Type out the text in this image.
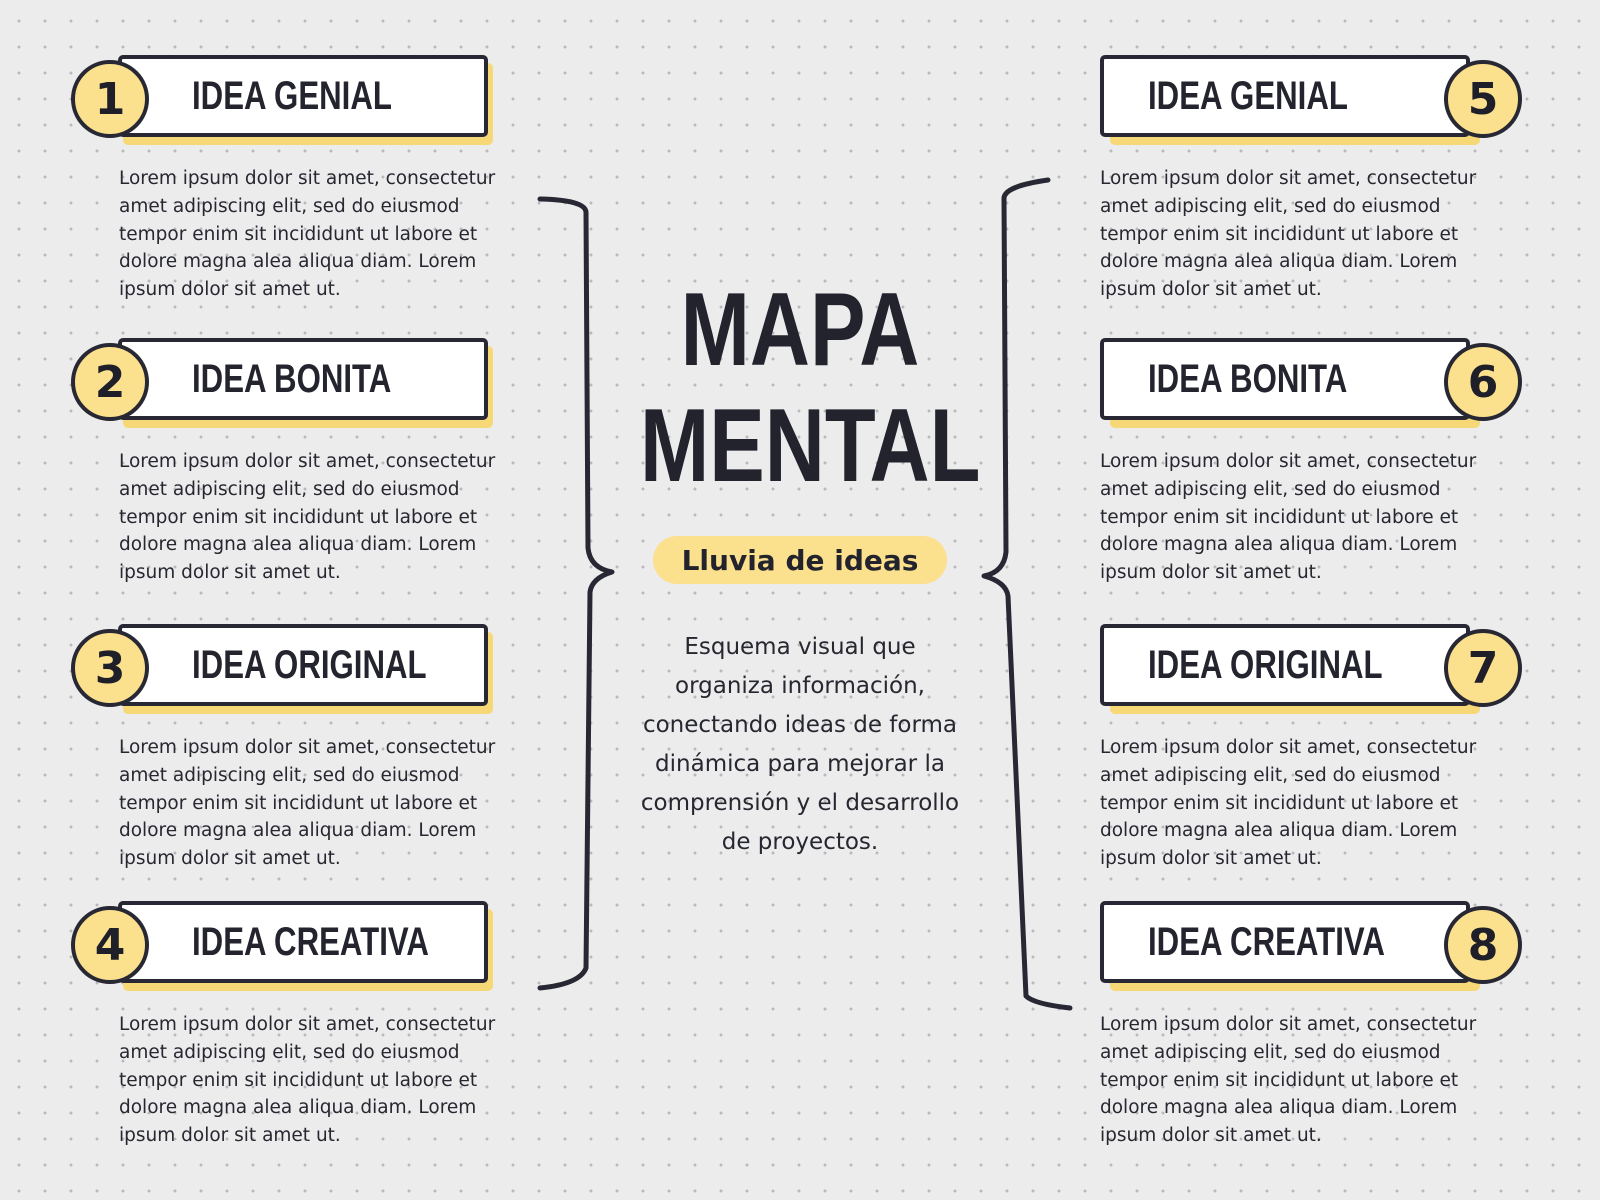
IDEA GENIAL
1
Lorem ipsum dolor sit amet, consectetur amet adipiscing elit, sed do eiusmod tempor enim sit incididunt ut labore et dolore magna alea aliqua diam. Lorem ipsum dolor sit amet ut.
IDEA BONITA
2
Lorem ipsum dolor sit amet, consectetur amet adipiscing elit, sed do eiusmod tempor enim sit incididunt ut labore et dolore magna alea aliqua diam. Lorem ipsum dolor sit amet ut.
IDEA ORIGINAL
3
Lorem ipsum dolor sit amet, consectetur amet adipiscing elit, sed do eiusmod tempor enim sit incididunt ut labore et dolore magna alea aliqua diam. Lorem ipsum dolor sit amet ut.
IDEA CREATIVA
4
Lorem ipsum dolor sit amet, consectetur amet adipiscing elit, sed do eiusmod tempor enim sit incididunt ut labore et dolore magna alea aliqua diam. Lorem ipsum dolor sit amet ut.
IDEA GENIAL	5
Lorem ipsum dolor sit amet, consectetur amet adipiscing elit, sed do eiusmod tempor enim sit incididunt ut labore et dolore magna alea aliqua diam. Lorem ipsum dolor sit amet ut.
IDEA BONITA	6
Lorem ipsum dolor sit amet, consectetur amet adipiscing elit, sed do eiusmod tempor enim sit incididunt ut labore et dolore magna alea aliqua diam. Lorem ipsum dolor sit amet ut.
IDEA ORIGINAL	7
Lorem ipsum dolor sit amet, consectetur amet adipiscing elit, sed do eiusmod tempor enim sit incididunt ut labore et dolore magna alea aliqua diam. Lorem ipsum dolor sit amet ut.
IDEA CREATIVA	8
Lorem ipsum dolor sit amet, consectetur amet adipiscing elit, sed do eiusmod tempor enim sit incididunt ut labore et dolore magna alea aliqua diam. Lorem ipsum dolor sit amet ut.
MAPA
MENTAL
Lluvia de ideas
Esquema visual que organiza información, conectando ideas de forma dinámica para mejorar la comprensión y el desarrollo de proyectos.
